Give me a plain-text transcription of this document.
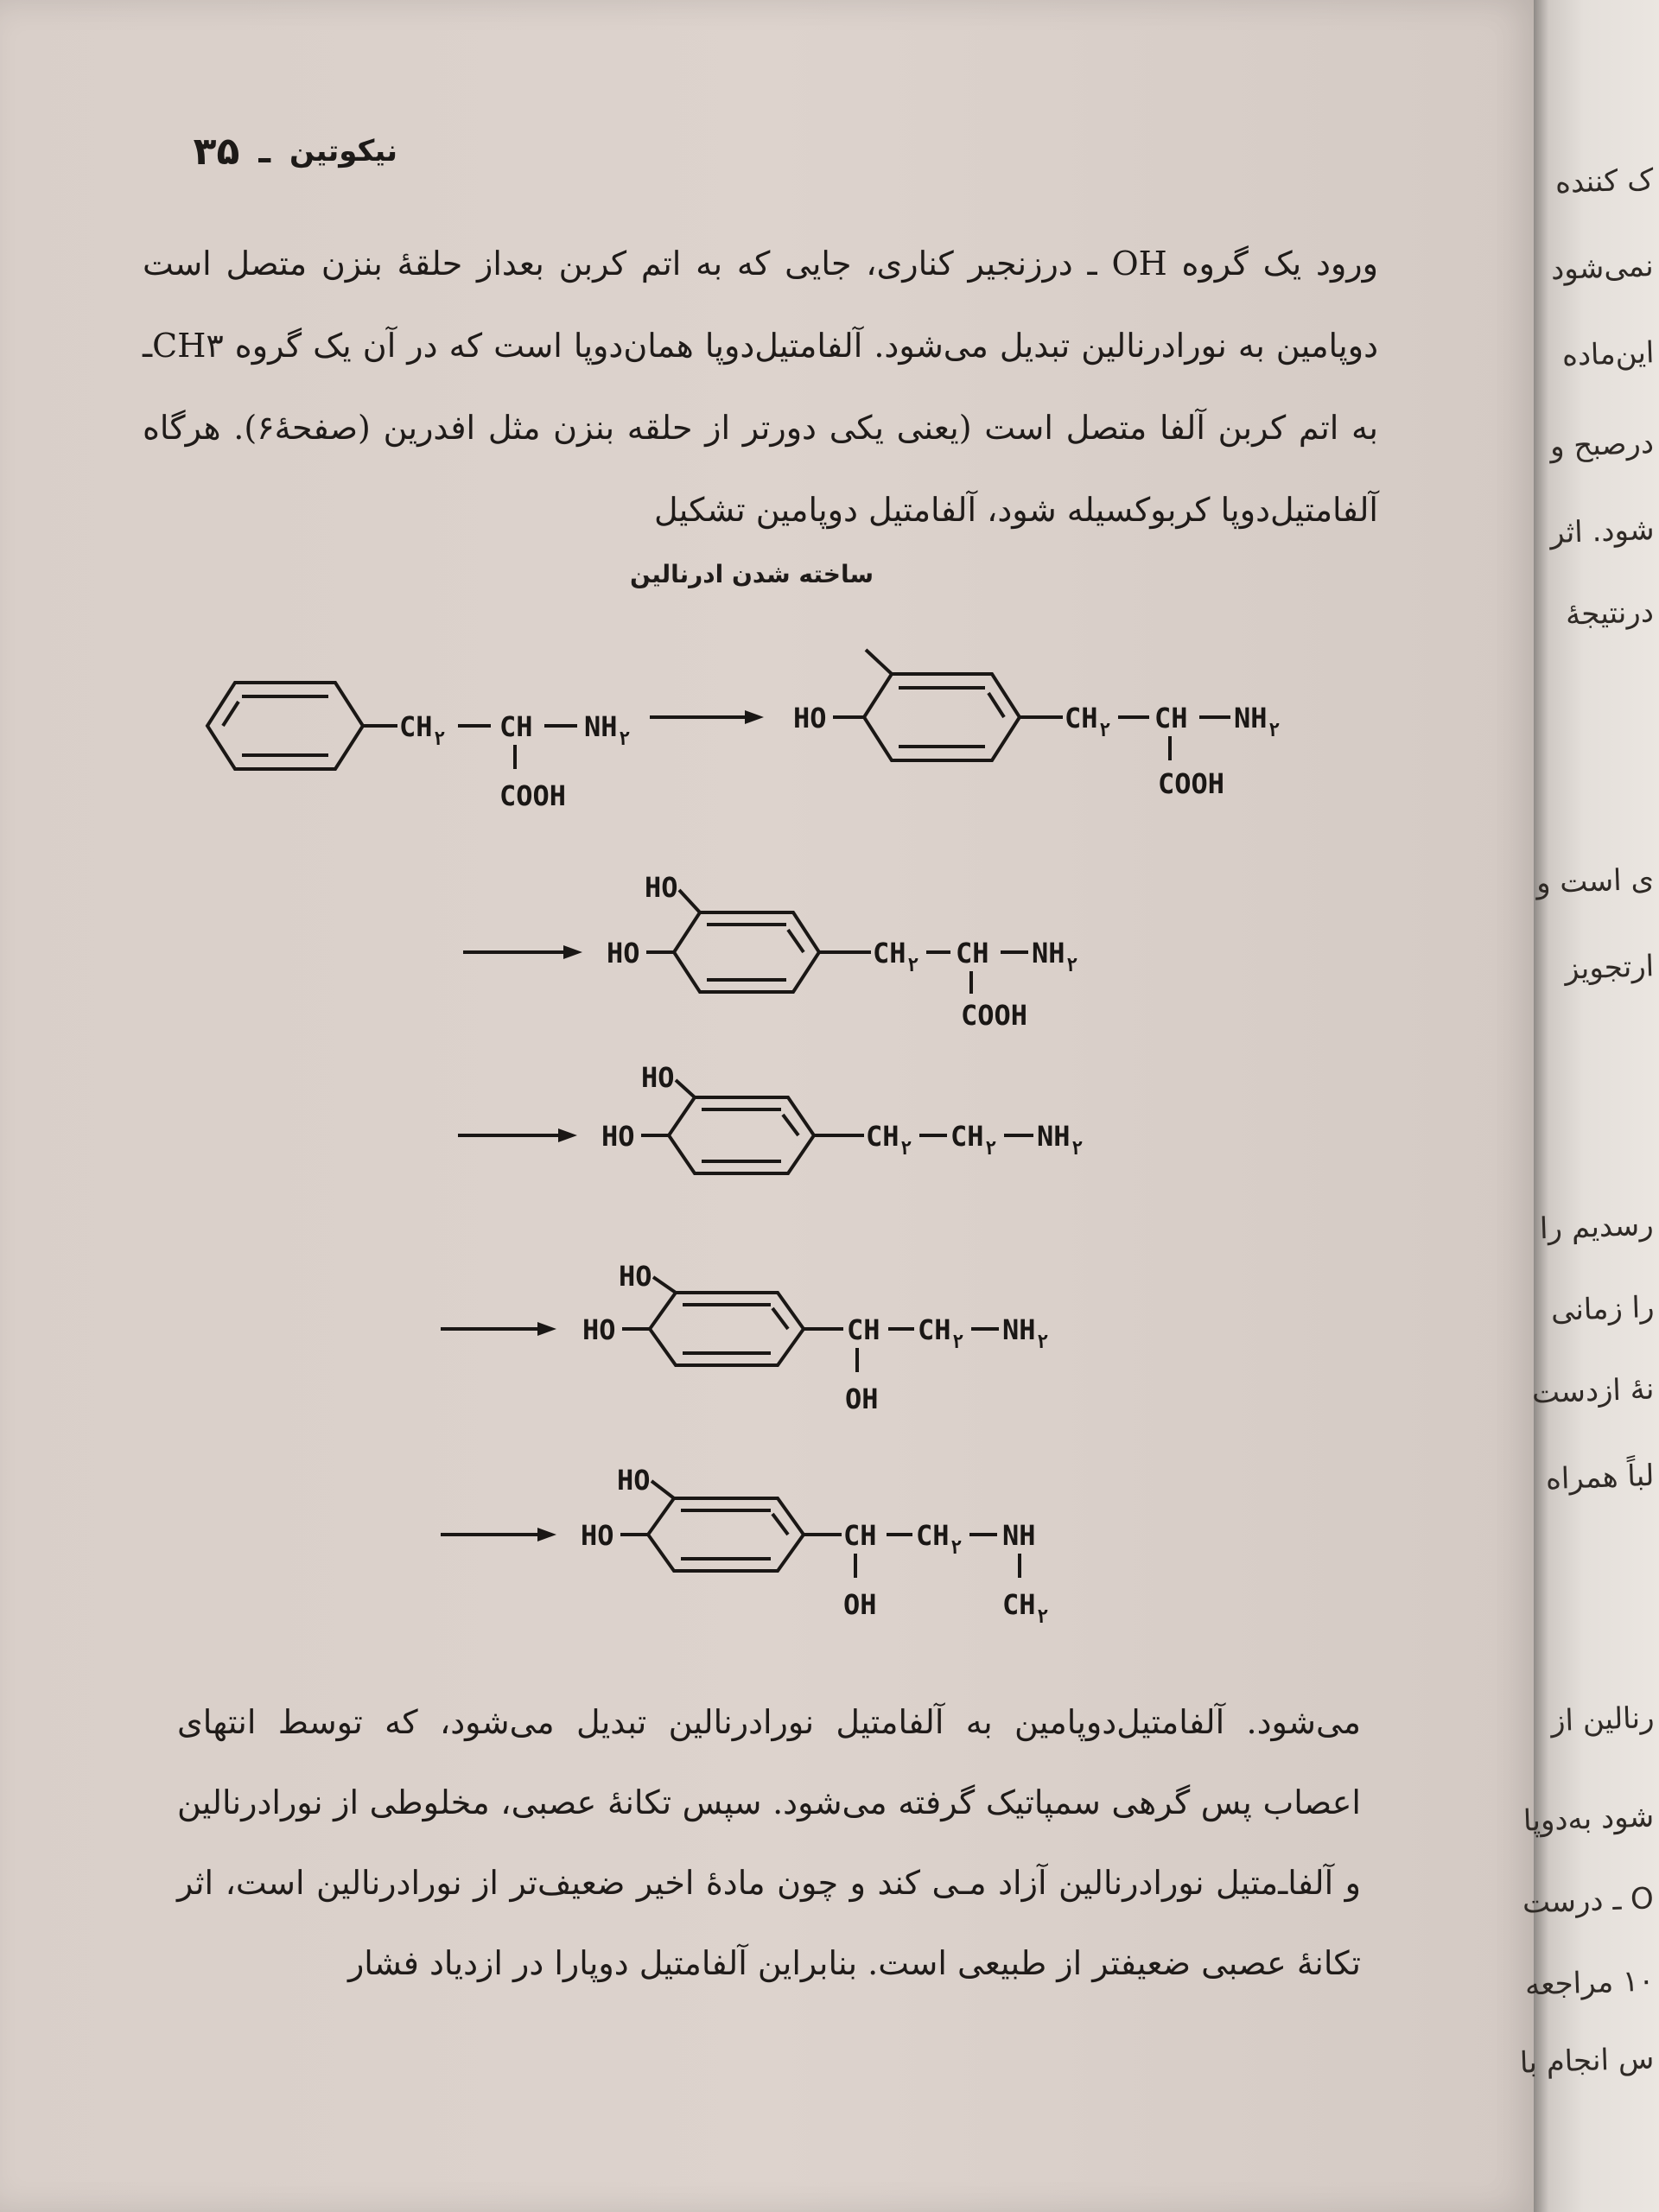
نیکوتین
ـ
۳۵

ورود یک گروه OH ـ درزنجیر کناری، جایی که به اتم کربن بعداز حلقهٔ بنزن متصل است دوپامین به نورادرنالین تبدیل می‌شود. آلفامتیل‌دوپا همان‌دوپا است که در آن یک گروه CH۳ـ به اتم کربن آلفا متصل است (یعنی یکی دورتر از حلقه بنزن مثل افدرین (صفحهٔ۶). هرگاه آلفامتیل‌دوپا کربوکسیله شود، آلفامتیل دوپامین تشکیل

ساخته شدن ادرنالین

CH ۲ CH NH ۲
COOH
HO	CH ۲ CH NH ۲
COOH
HO
HO	CH ۲ CH NH ۲
COOH
HO
HO	CH ۲ CH ۲ NH ۲
HO
HO	CH CH ۲ NH ۲
OH
HO
HO	CH CH ۲ NH
OH	CH ۲

می‌شود. آلفامتیل‌دوپامین به آلفامتیل نورادرنالین تبدیل می‌شود، که توسط انتهای اعصاب پس گرهی سمپاتیک گرفته می‌شود. سپس تکانهٔ عصبی، مخلوطی از نورادرنالین و آلفا‌ـ‌متیل نورادرنالین آزاد مـی کند و چون مادهٔ اخیر ضعیف‌تر از نورادرنالین است، اثر تکانهٔ عصبی ضعیفتر از طبیعی است. بنابراین آلفامتیل دوپارا در ازدیاد فشار

ک کننده

نمی‌شود

این‌ماده

درصبح و

شود. اثر

درنتیجهٔ

ی است و

ارتجویز

رسدیم را

را زمانی

نهٔ ازدست

لباً همراه

رنالین از

شود به‌دوپا

O ـ درست

۱۰ مراجعه

س انجام با
